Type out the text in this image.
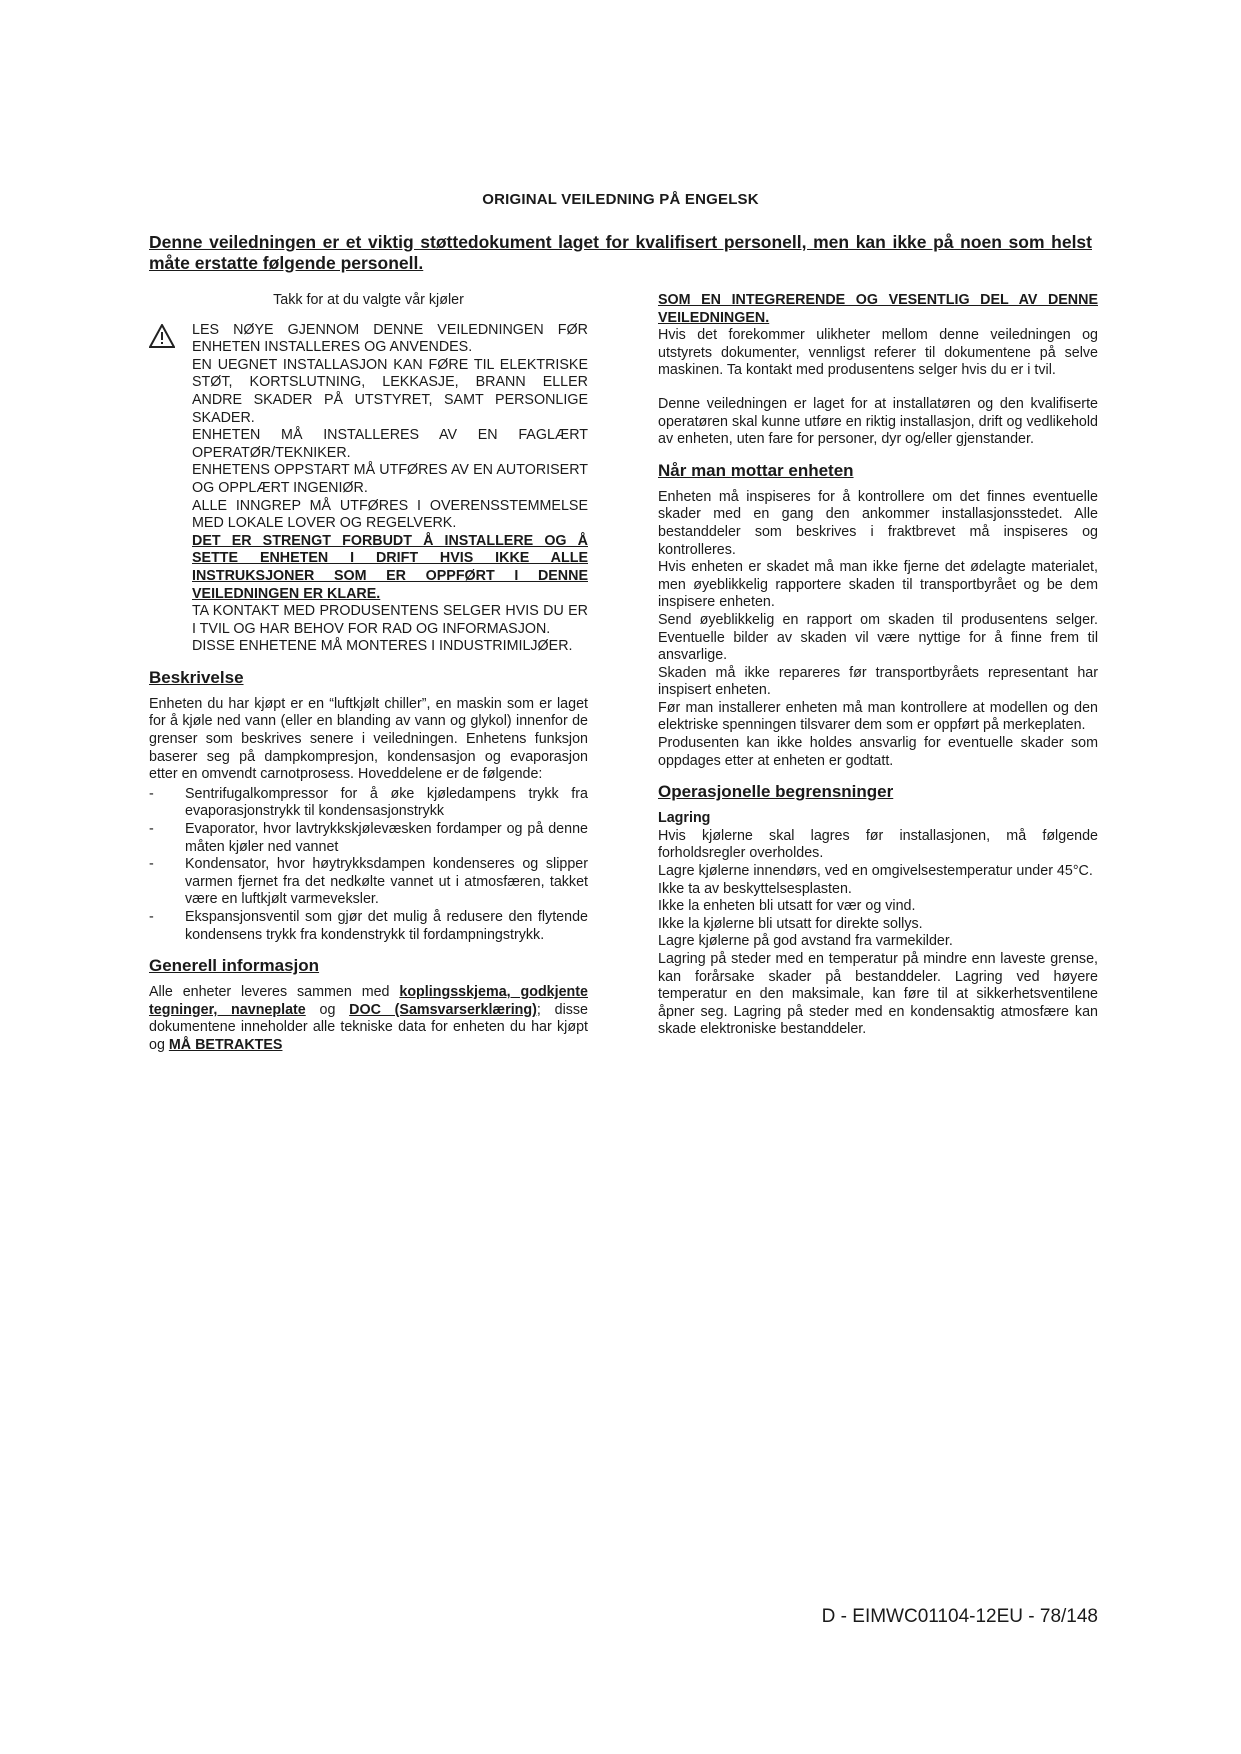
ORIGINAL VEILEDNING PÅ ENGELSK
Denne veiledningen er et viktig støttedokument laget for kvalifisert personell, men kan ikke på noen som helst måte erstatte følgende personell.

Takk for at du valgte vår kjøler

LES NØYE GJENNOM DENNE VEILEDNINGEN FØR ENHETEN INSTALLERES OG ANVENDES.

EN UEGNET INSTALLASJON KAN FØRE TIL ELEKTRISKE STØT, KORTSLUTNING, LEKKASJE, BRANN ELLER ANDRE SKADER PÅ UTSTYRET, SAMT PERSONLIGE SKADER.

ENHETEN MÅ INSTALLERES AV EN FAGLÆRT OPERATØR/TEKNIKER.

ENHETENS OPPSTART MÅ UTFØRES AV EN AUTORISERT OG OPPLÆRT INGENIØR.

ALLE INNGREP MÅ UTFØRES I OVERENSSTEMMELSE MED LOKALE LOVER OG REGELVERK.

DET ER STRENGT FORBUDT Å INSTALLERE OG Å SETTE ENHETEN I DRIFT HVIS IKKE ALLE INSTRUKSJONER SOM ER OPPFØRT I DENNE VEILEDNINGEN ER KLARE.

TA KONTAKT MED PRODUSENTENS SELGER HVIS DU ER I TVIL OG HAR BEHOV FOR RAD OG INFORMASJON.

DISSE ENHETENE MÅ MONTERES I INDUSTRIMILJØER.

Beskrivelse

Enheten du har kjøpt er en “luftkjølt chiller”, en maskin som er laget for å kjøle ned vann (eller en blanding av vann og glykol) innenfor de grenser som beskrives senere i veiledningen. Enhetens funksjon baserer seg på dampkompresjon, kondensasjon og evaporasjon etter en omvendt carnotprosess. Hoveddelene er de følgende:

- Sentrifugalkompressor for å øke kjøledampens trykk fra evaporasjonstrykk til kondensasjonstrykk
- Evaporator, hvor lavtrykkskjølevæsken fordamper og på denne måten kjøler ned vannet
- Kondensator, hvor høytrykksdampen kondenseres og slipper varmen fjernet fra det nedkølte vannet ut i atmosfæren, takket være en luftkjølt varmeveksler.
- Ekspansjonsventil som gjør det mulig å redusere den flytende kondensens trykk fra kondenstrykk til fordampningstrykk.
Generell informasjon

Alle enheter leveres sammen med koplingsskjema, godkjente tegninger, navneplate og DOC (Samsvarserklæring); disse dokumentene inneholder alle tekniske data for enheten du har kjøpt og MÅ BETRAKTES

SOM EN INTEGRERENDE OG VESENTLIG DEL AV DENNE VEILEDNINGEN.

Hvis det forekommer ulikheter mellom denne veiledningen og utstyrets dokumenter, vennligst referer til dokumentene på selve maskinen. Ta kontakt med produsentens selger hvis du er i tvil.

Denne veiledningen er laget for at installatøren og den kvalifiserte operatøren skal kunne utføre en riktig installasjon, drift og vedlikehold av enheten, uten fare for personer, dyr og/eller gjenstander.

Når man mottar enheten

Enheten må inspiseres for å kontrollere om det finnes eventuelle skader med en gang den ankommer installasjonsstedet. Alle bestanddeler som beskrives i fraktbrevet må inspiseres og kontrolleres.

Hvis enheten er skadet må man ikke fjerne det ødelagte materialet, men øyeblikkelig rapportere skaden til transportbyrået og be dem inspisere enheten.

Send øyeblikkelig en rapport om skaden til produsentens selger. Eventuelle bilder av skaden vil være nyttige for å finne frem til ansvarlige.

Skaden må ikke repareres før transportbyråets representant har inspisert enheten.

Før man installerer enheten må man kontrollere at modellen og den elektriske spenningen tilsvarer dem som er oppført på merkeplaten.

Produsenten kan ikke holdes ansvarlig for eventuelle skader som oppdages etter at enheten er godtatt.

Operasjonelle begrensninger

Lagring

Hvis kjølerne skal lagres før installasjonen, må følgende forholdsregler overholdes.

Lagre kjølerne innendørs, ved en omgivelsestemperatur under 45°C.

Ikke ta av beskyttelsesplasten.

Ikke la enheten bli utsatt for vær og vind.

Ikke la kjølerne bli utsatt for direkte sollys.

Lagre kjølerne på god avstand fra varmekilder.

Lagring på steder med en temperatur på mindre enn laveste grense, kan forårsake skader på bestanddeler. Lagring ved høyere temperatur en den maksimale, kan føre til at sikkerhetsventilene åpner seg. Lagring på steder med en kondensaktig atmosfære kan skade elektroniske bestanddeler.

D - EIMWC01104-12EU - 78/148
